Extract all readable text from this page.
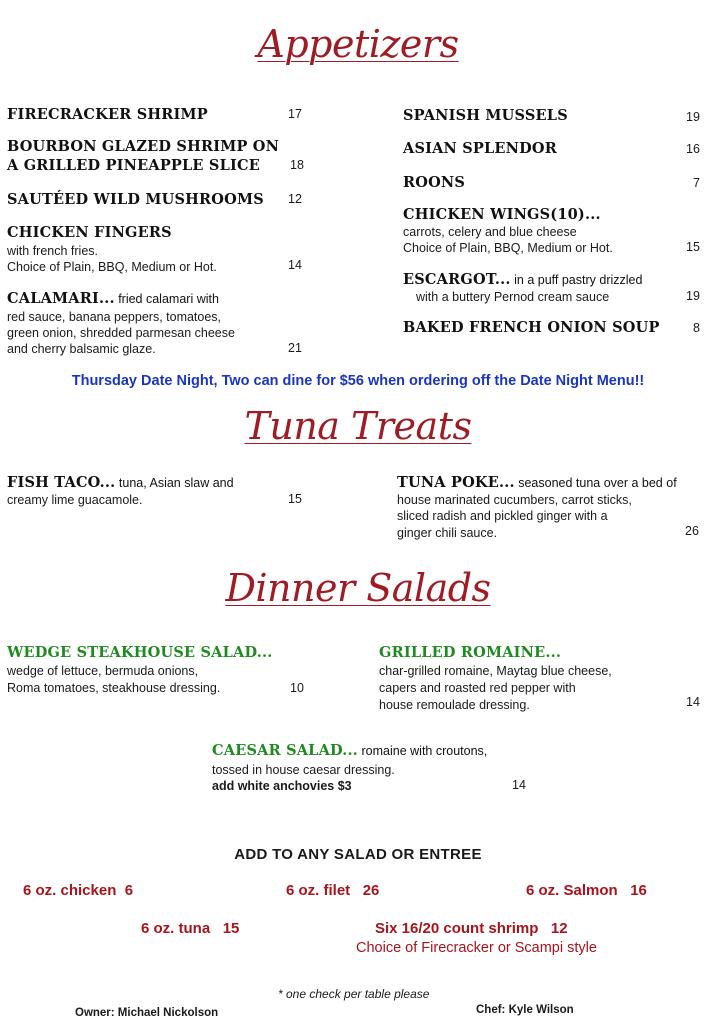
Appetizers
FIRECRACKER SHRIMP	17
BOURBON GLAZED SHRIMP ON
A GRILLED PINEAPPLE SLICE 18
SAUTÉED WILD MUSHROOMS 12
CHICKEN FINGERS
with french fries.
Choice of Plain, BBQ, Medium or Hot.	14
CALAMARI... fried calamari with
red sauce, banana peppers, tomatoes,
green onion, shredded parmesan cheese
and cherry balsamic glaze.	21
SPANISH MUSSELS	19
ASIAN SPLENDOR	16
ROONS	7
CHICKEN WINGS(10)...
carrots, celery and blue cheese
Choice of Plain, BBQ, Medium or Hot.	15
ESCARGOT... in a puff pastry drizzled
with a buttery Pernod cream sauce	19
BAKED FRENCH ONION SOUP	8
Thursday Date Night, Two can dine for $56 when ordering off the Date Night Menu!!
Tuna Treats
FISH TACO... tuna, Asian slaw and
creamy lime guacamole.	15
TUNA POKE... seasoned tuna over a bed of
house marinated cucumbers, carrot sticks,
sliced radish and pickled ginger with a
ginger chili sauce.	26
Dinner Salads
WEDGE STEAKHOUSE SALAD...
wedge of lettuce, bermuda onions,
Roma tomatoes, steakhouse dressing.	10
GRILLED ROMAINE...
char-grilled romaine, Maytag blue cheese,
capers and roasted red pepper with
house remoulade dressing.	14
CAESAR SALAD... romaine with croutons,
tossed in house caesar dressing.
add white anchovies $3	14
ADD TO ANY SALAD OR ENTREE
6 oz. chicken 6	6 oz. filet 26	6 oz. Salmon 16
6 oz. tuna 15	Six 16/20 count shrimp 12
Choice of Firecracker or Scampi style
* one check per table please
Owner: Michael Nickolson	Chef: Kyle Wilson
